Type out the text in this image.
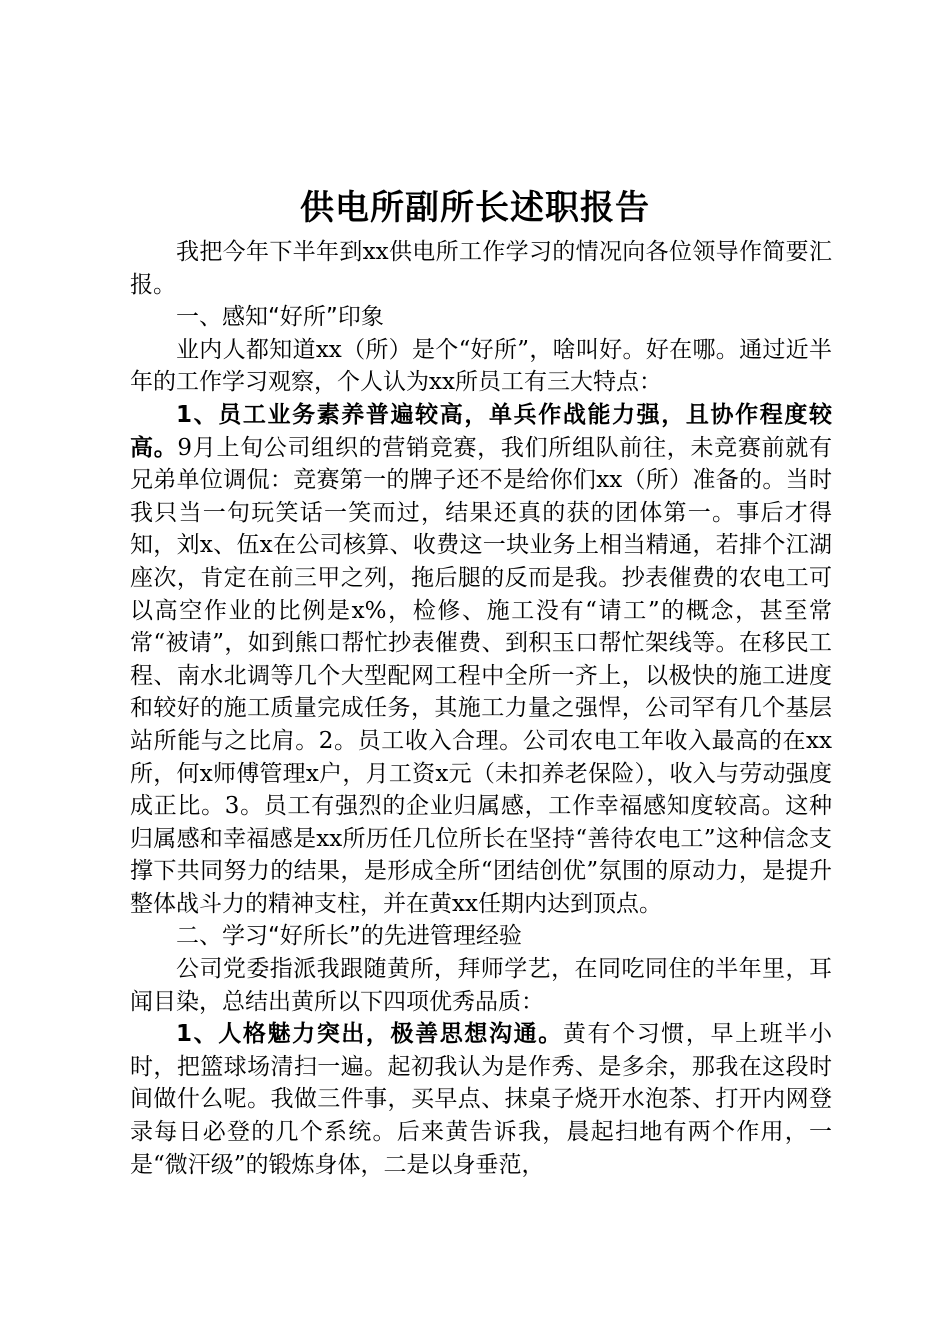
供电所副所长述职报告

我把今年下半年到xx供电所工作学习的情况向各位领导作简要汇报。

一、感知“好所”印象

业内人都知道xx（所）是个“好所”，啥叫好。好在哪。通过近半年的工作学习观察，个人认为xx所员工有三大特点：

1、员工业务素养普遍较高，单兵作战能力强，且协作程度较高。9月上旬公司组织的营销竞赛，我们所组队前往，未竞赛前就有兄弟单位调侃：竞赛第一的牌子还不是给你们xx（所）准备的。当时我只当一句玩笑话一笑而过，结果还真的获的团体第一。事后才得知，刘x、伍x在公司核算、收费这一块业务上相当精通，若排个江湖座次，肯定在前三甲之列，拖后腿的反而是我。抄表催费的农电工可以高空作业的比例是x%，检修、施工没有“请工”的概念，甚至常常“被请”，如到熊口帮忙抄表催费、到积玉口帮忙架线等。在移民工程、南水北调等几个大型配网工程中全所一齐上，以极快的施工进度和较好的施工质量完成任务，其施工力量之强悍，公司罕有几个基层站所能与之比肩。2。员工收入合理。公司农电工年收入最高的在xx所，何x师傅管理x户，月工资x元（未扣养老保险），收入与劳动强度成正比。3。员工有强烈的企业归属感，工作幸福感知度较高。这种归属感和幸福感是xx所历任几位所长在坚持“善待农电工”这种信念支撑下共同努力的结果，是形成全所“团结创优”氛围的原动力，是提升整体战斗力的精神支柱，并在黄xx任期内达到顶点。

二、学习“好所长”的先进管理经验

公司党委指派我跟随黄所，拜师学艺，在同吃同住的半年里，耳闻目染，总结出黄所以下四项优秀品质：

1、人格魅力突出，极善思想沟通。黄有个习惯，早上班半小时，把篮球场清扫一遍。起初我认为是作秀、是多余，那我在这段时间做什么呢。我做三件事，买早点、抹桌子烧开水泡茶、打开内网登录每日必登的几个系统。后来黄告诉我，晨起扫地有两个作用，一是“微汗级”的锻炼身体，二是以身垂范，
